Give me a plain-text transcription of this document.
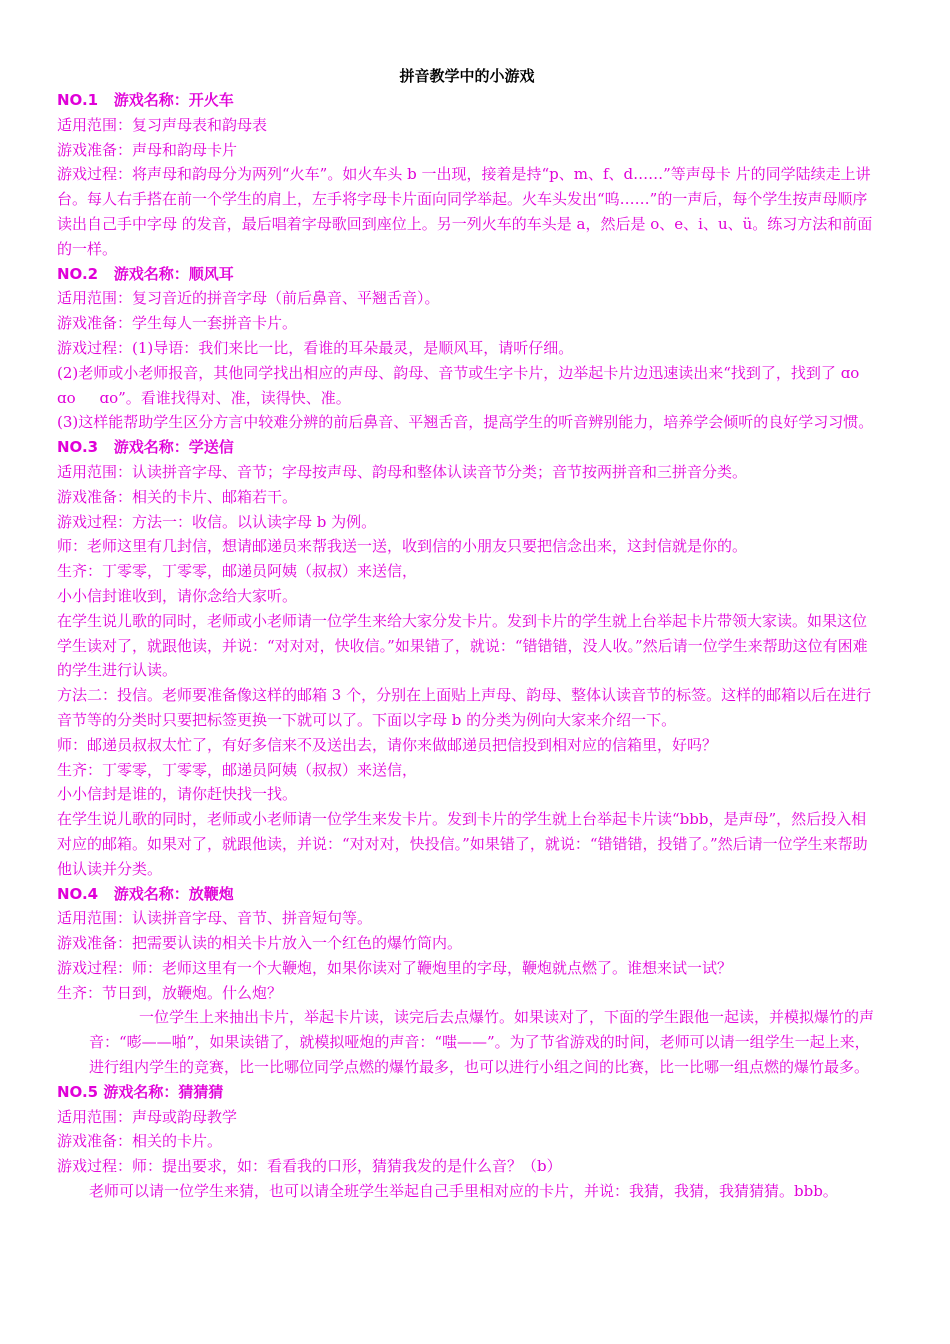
拼音教学中的小游戏
NO.1   游戏名称：开火车
适用范围：复习声母表和韵母表
游戏准备：声母和韵母卡片
游戏过程：将声母和韵母分为两列“火车”。如火车头 b 一出现，接着是持“p、m、f、d……”等声母卡 片的同学陆续走上讲台。每人右手搭在前一个学生的肩上，左手将字母卡片面向同学举起。火车头发出“呜……”的一声后，每个学生按声母顺序读出自己手中字母 的发音，最后唱着字母歌回到座位上。另一列火车的车头是 a，然后是 o、e、i、u、ü。练习方法和前面的一样。
NO.2   游戏名称：顺风耳
适用范围：复习音近的拼音字母（前后鼻音、平翘舌音）。
游戏准备：学生每人一套拼音卡片。
游戏过程：(1)导语：我们来比一比，看谁的耳朵最灵，是顺风耳，请听仔细。
(2)老师或小老师报音，其他同学找出相应的声母、韵母、音节或生字卡片，边举起卡片边迅速读出来“找到了，找到了 ɑo     ɑo     ɑo”。看谁找得对、准，读得快、准。
(3)这样能帮助学生区分方言中较难分辨的前后鼻音、平翘舌音，提高学生的听音辨别能力，培养学会倾听的良好学习习惯。
NO.3   游戏名称：学送信
适用范围：认读拼音字母、音节；字母按声母、韵母和整体认读音节分类；音节按两拼音和三拼音分类。
游戏准备：相关的卡片、邮箱若干。
游戏过程：方法一：收信。以认读字母 b 为例。
师：老师这里有几封信，想请邮递员来帮我送一送，收到信的小朋友只要把信念出来，这封信就是你的。
生齐：丁零零，丁零零，邮递员阿姨（叔叔）来送信，
小小信封谁收到，请你念给大家听。
在学生说儿歌的同时，老师或小老师请一位学生来给大家分发卡片。发到卡片的学生就上台举起卡片带领大家读。如果这位学生读对了，就跟他读，并说：“对对对，快收信。”如果错了，就说：“错错错，没人收。”然后请一位学生来帮助这位有困难的学生进行认读。
方法二：投信。老师要准备像这样的邮箱 3 个，分别在上面贴上声母、韵母、整体认读音节的标签。这样的邮箱以后在进行音节等的分类时只要把标签更换一下就可以了。下面以字母 b 的分类为例向大家来介绍一下。
师：邮递员叔叔太忙了，有好多信来不及送出去，请你来做邮递员把信投到相对应的信箱里，好吗？
生齐：丁零零，丁零零，邮递员阿姨（叔叔）来送信，
小小信封是谁的，请你赶快找一找。
在学生说儿歌的同时，老师或小老师请一位学生来发卡片。发到卡片的学生就上台举起卡片读“bbb，是声母”，然后投入相对应的邮箱。如果对了，就跟他读，并说：“对对对，快投信。”如果错了，就说：“错错错，投错了。”然后请一位学生来帮助他认读并分类。
NO.4   游戏名称：放鞭炮
适用范围：认读拼音字母、音节、拼音短句等。
游戏准备：把需要认读的相关卡片放入一个红色的爆竹筒内。
游戏过程：师：老师这里有一个大鞭炮，如果你读对了鞭炮里的字母，鞭炮就点燃了。谁想来试一试？
生齐：节日到，放鞭炮。什么炮？
一位学生上来抽出卡片，举起卡片读，读完后去点爆竹。如果读对了，下面的学生跟他一起读，并模拟爆竹的声音：“嘭——啪”，如果读错了，就模拟哑炮的声音：“嗤——”。为了节省游戏的时间，老师可以请一组学生一起上来，进行组内学生的竞赛，比一比哪位同学点燃的爆竹最多，也可以进行小组之间的比赛，比一比哪一组点燃的爆竹最多。
NO.5 游戏名称：猜猜猜
适用范围：声母或韵母教学
游戏准备：相关的卡片。
游戏过程：师：提出要求，如：看看我的口形，猜猜我发的是什么音？（b）
老师可以请一位学生来猜，也可以请全班学生举起自己手里相对应的卡片，并说：我猜，我猜，我猜猜猜。bbb。
